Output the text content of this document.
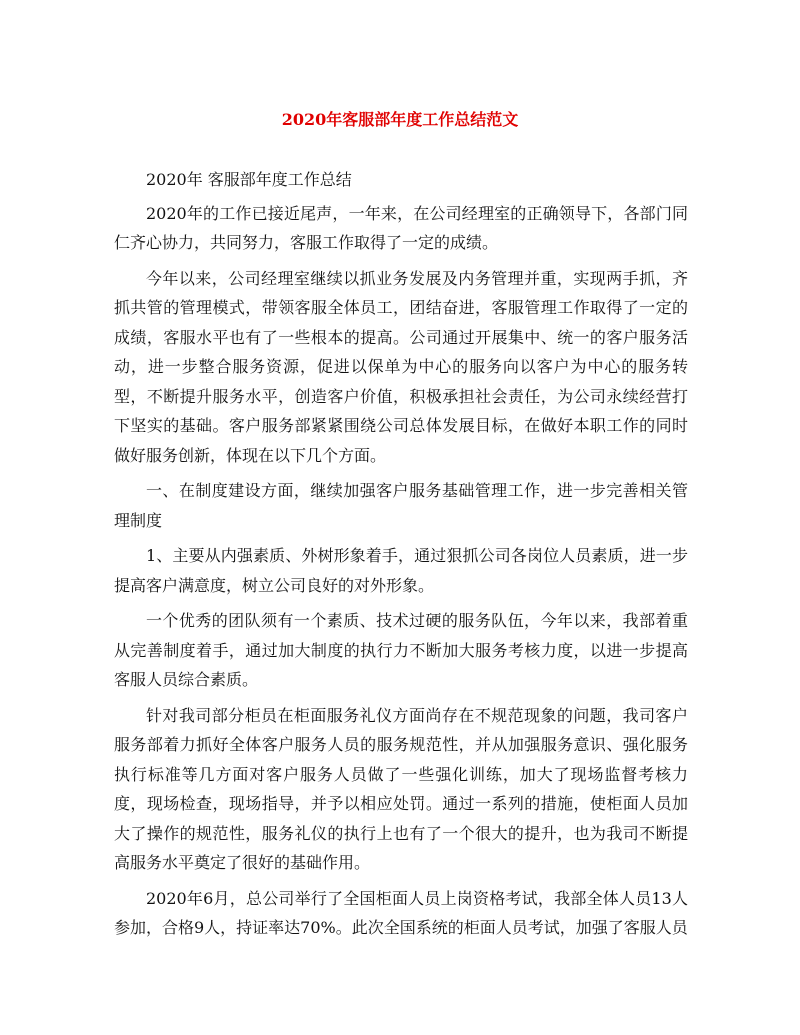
2020年客服部年度工作总结范文

2020年 客服部年度工作总结

2020年的工作已接近尾声，一年来，在公司经理室的正确领导下，各部门同仁齐心协力，共同努力，客服工作取得了一定的成绩。

今年以来，公司经理室继续以抓业务发展及内务管理并重，实现两手抓，齐抓共管的管理模式，带领客服全体员工，团结奋进，客服管理工作取得了一定的成绩，客服水平也有了一些根本的提高。公司通过开展集中、统一的客户服务活动，进一步整合服务资源，促进以保单为中心的服务向以客户为中心的服务转型，不断提升服务水平，创造客户价值，积极承担社会责任，为公司永续经营打下坚实的基础。客户服务部紧紧围绕公司总体发展目标，在做好本职工作的同时做好服务创新，体现在以下几个方面。

一、在制度建设方面，继续加强客户服务基础管理工作，进一步完善相关管理制度

1、主要从内强素质、外树形象着手，通过狠抓公司各岗位人员素质，进一步提高客户满意度，树立公司良好的对外形象。

一个优秀的团队须有一个素质、技术过硬的服务队伍，今年以来，我部着重从完善制度着手，通过加大制度的执行力不断加大服务考核力度，以进一步提高客服人员综合素质。

针对我司部分柜员在柜面服务礼仪方面尚存在不规范现象的问题，我司客户服务部着力抓好全体客户服务人员的服务规范性，并从加强服务意识、强化服务执行标准等几方面对客户服务人员做了一些强化训练，加大了现场监督考核力度，现场检查，现场指导，并予以相应处罚。通过一系列的措施，使柜面人员加大了操作的规范性，服务礼仪的执行上也有了一个很大的提升，也为我司不断提高服务水平奠定了很好的基础作用。

2020年6月，总公司举行了全国柜面人员上岗资格考试，我部全体人员13人参加，合格9人，持证率达70%。此次全国系统的柜面人员考试，加强了客服人员
